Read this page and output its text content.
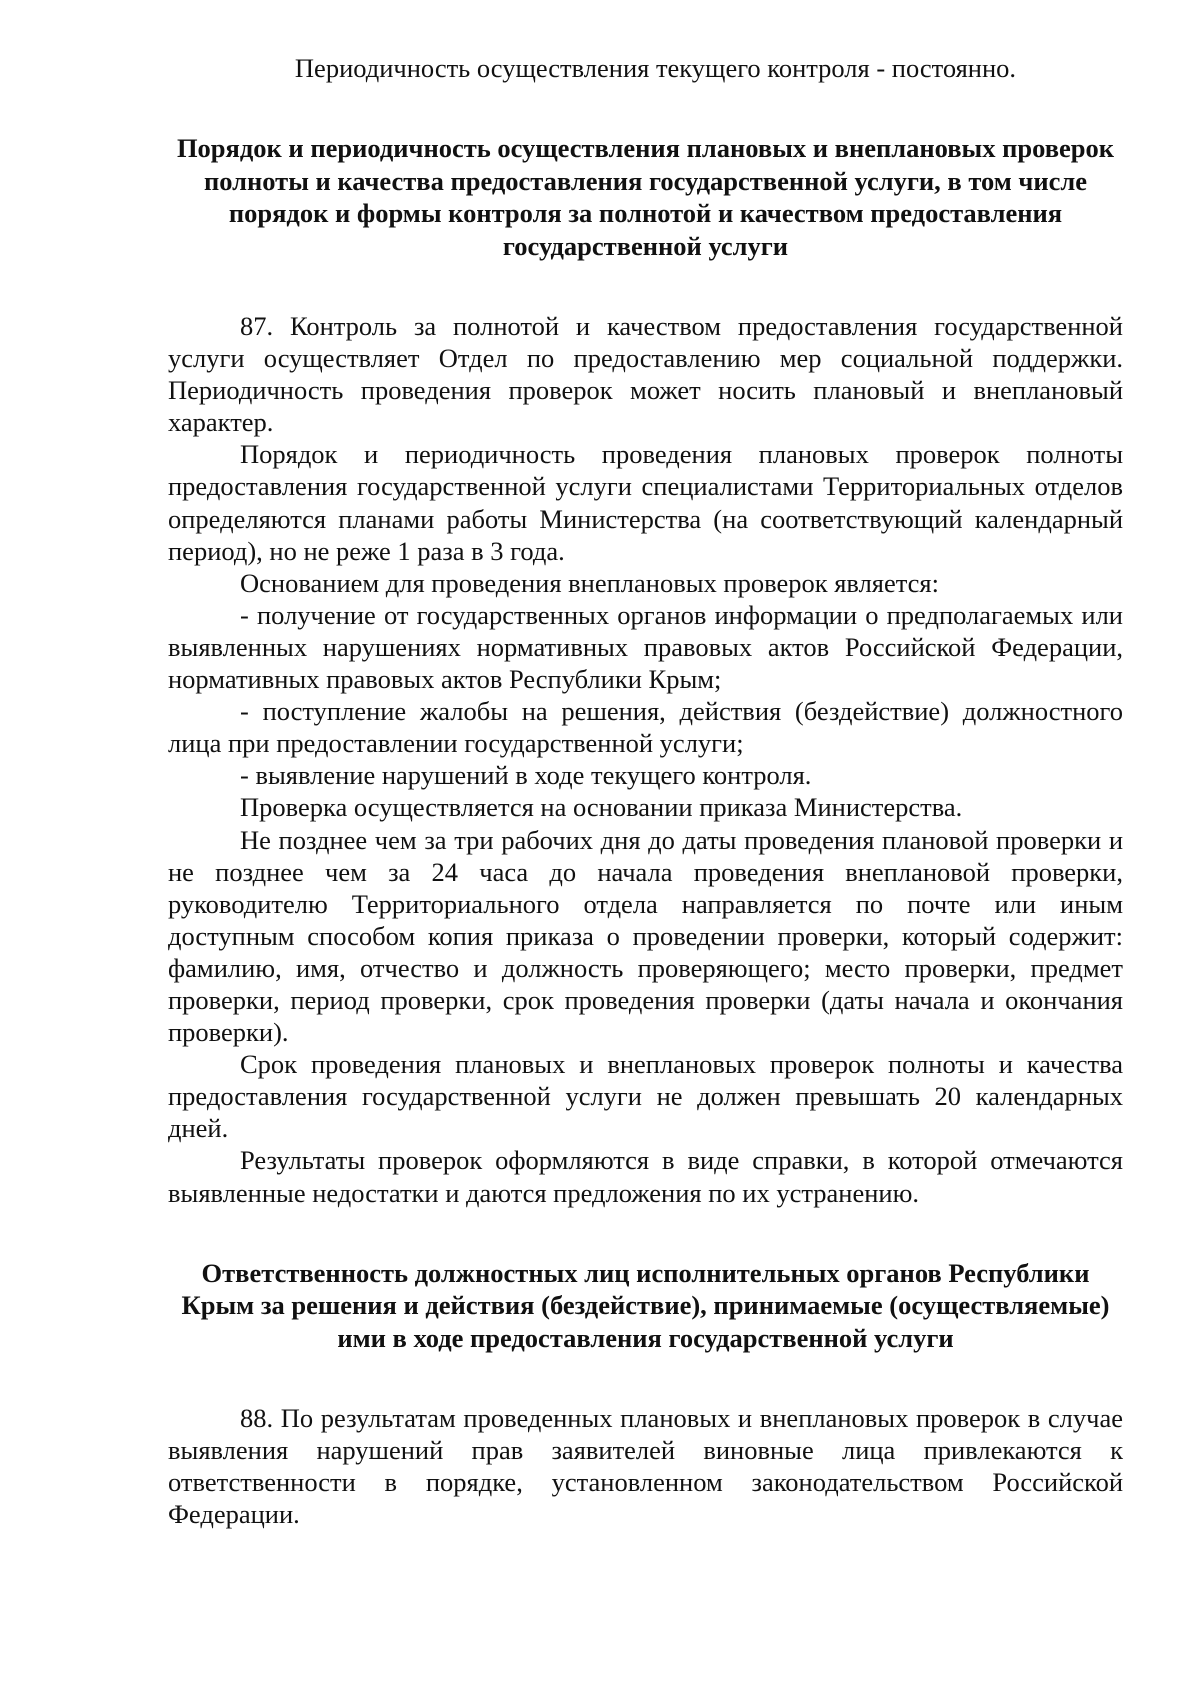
Периодичность осуществления текущего контроля - постоянно.

Порядок и периодичность осуществления плановых и внеплановых проверок полноты и качества предоставления государственной услуги, в том числе порядок и формы контроля за полнотой и качеством предоставления государственной услуги

87. Контроль за полнотой и качеством предоставления государственной услуги осуществляет Отдел по предоставлению мер социальной поддержки. Периодичность проведения проверок может носить плановый и внеплановый характер.

Порядок и периодичность проведения плановых проверок полноты предоставления государственной услуги специалистами Территориальных отделов определяются планами работы Министерства (на соответствующий календарный период), но не реже 1 раза в 3 года.

Основанием для проведения внеплановых проверок является:

- получение от государственных органов информации о предполагаемых или выявленных нарушениях нормативных правовых актов Российской Федерации, нормативных правовых актов Республики Крым;

- поступление жалобы на решения, действия (бездействие) должностного лица при предоставлении государственной услуги;

- выявление нарушений в ходе текущего контроля.

Проверка осуществляется на основании приказа Министерства.

Не позднее чем за три рабочих дня до даты проведения плановой проверки и не позднее чем за 24 часа до начала проведения внеплановой проверки, руководителю Территориального отдела направляется по почте или иным доступным способом копия приказа о проведении проверки, который содержит: фамилию, имя, отчество и должность проверяющего; место проверки, предмет проверки, период проверки, срок проведения проверки (даты начала и окончания проверки).

Срок проведения плановых и внеплановых проверок полноты и качества предоставления государственной услуги не должен превышать 20 календарных дней.

Результаты проверок оформляются в виде справки, в которой отмечаются выявленные недостатки и даются предложения по их устранению.

Ответственность должностных лиц исполнительных органов Республики Крым за решения и действия (бездействие), принимаемые (осуществляемые) ими в ходе предоставления государственной услуги

88. По результатам проведенных плановых и внеплановых проверок в случае выявления нарушений прав заявителей виновные лица привлекаются к ответственности в порядке, установленном законодательством Российской Федерации.
